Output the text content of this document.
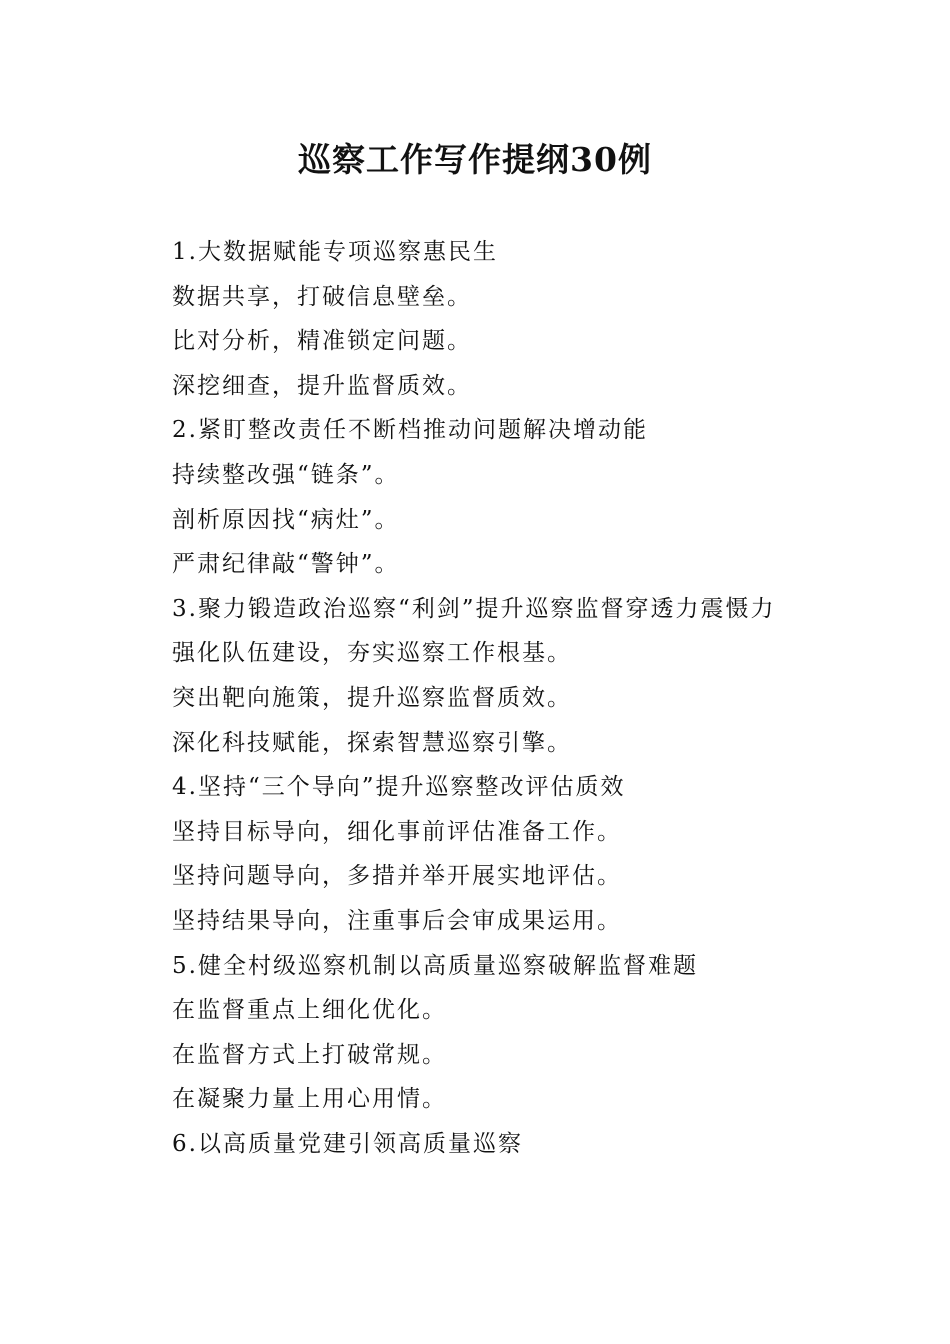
巡察工作写作提纲30例
1.大数据赋能专项巡察惠民生
数据共享，打破信息壁垒。
比对分析，精准锁定问题。
深挖细查，提升监督质效。
2.紧盯整改责任不断档推动问题解决增动能
持续整改强“链条”。
剖析原因找“病灶”。
严肃纪律敲“警钟”。
3.聚力锻造政治巡察“利剑”提升巡察监督穿透力震慑力
强化队伍建设，夯实巡察工作根基。
突出靶向施策，提升巡察监督质效。
深化科技赋能，探索智慧巡察引擎。
4.坚持“三个导向”提升巡察整改评估质效
坚持目标导向，细化事前评估准备工作。
坚持问题导向，多措并举开展实地评估。
坚持结果导向，注重事后会审成果运用。
5.健全村级巡察机制以高质量巡察破解监督难题
在监督重点上细化优化。
在监督方式上打破常规。
在凝聚力量上用心用情。
6.以高质量党建引领高质量巡察
